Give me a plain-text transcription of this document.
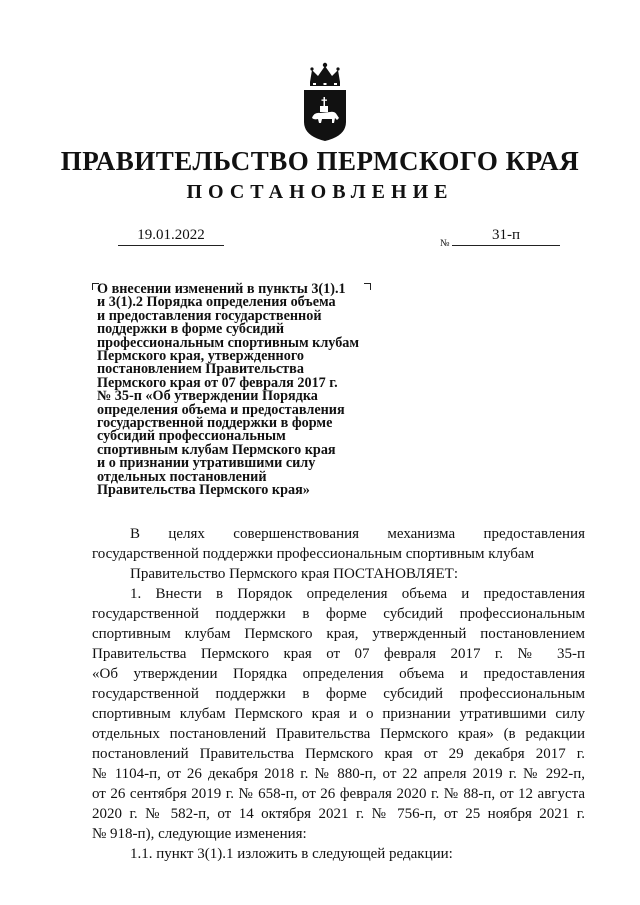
ПРАВИТЕЛЬСТВО ПЕРМСКОГО КРАЯ
ПОСТАНОВЛЕНИЕ
19.01.2022
№
31-п
О внесении изменений в пункты 3(1).1
и 3(1).2 Порядка определения объема
и предоставления государственной
поддержки в форме субсидий
профессиональным спортивным клубам
Пермского края, утвержденного
постановлением Правительства
Пермского края от 07 февраля 2017 г.
№ 35-п «Об утверждении Порядка
определения объема и предоставления
государственной поддержки в форме
субсидий профессиональным
спортивным клубам Пермского края
и о признании утратившими силу
отдельных постановлений
Правительства Пермского края»
В целях совершенствования механизма предоставления
государственной поддержки профессиональным спортивным клубам
Правительство Пермского края ПОСТАНОВЛЯЕТ:
1. Внести в Порядок определения объема и предоставления
государственной поддержки в форме субсидий профессиональным
спортивным клубам Пермского края, утвержденный постановлением
Правительства Пермского края от 07 февраля 2017 г. № 35-п
«Об утверждении Порядка определения объема и предоставления
государственной поддержки в форме субсидий профессиональным
спортивным клубам Пермского края и о признании утратившими силу
отдельных постановлений Правительства Пермского края» (в редакции
постановлений Правительства Пермского края от 29 декабря 2017 г.
№ 1104-п, от 26 декабря 2018 г. № 880-п, от 22 апреля 2019 г. № 292-п,
от 26 сентября 2019 г. № 658-п, от 26 февраля 2020 г. № 88-п, от 12 августа
2020 г. № 582-п, от 14 октября 2021 г. № 756-п, от 25 ноября 2021 г.
№ 918-п), следующие изменения:
1.1. пункт 3(1).1 изложить в следующей редакции:
